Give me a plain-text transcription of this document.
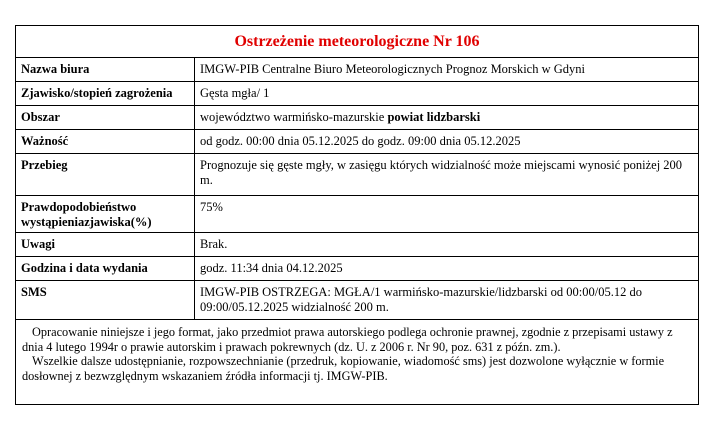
Ostrzeżenie meteorologiczne Nr 106
Nazwa biura	IMGW-PIB Centralne Biuro Meteorologicznych Prognoz Morskich w Gdyni
Zjawisko/stopień zagrożenia	Gęsta mgła/ 1
Obszar	województwo warmińsko-mazurskie powiat lidzbarski
Ważność	od godz. 00:00 dnia 05.12.2025 do godz. 09:00 dnia 05.12.2025
Przebieg	Prognozuje się gęste mgły, w zasięgu których widzialność może miejscami wynosić poniżej 200 m.
Prawdopodobieństwo wystąpieniazjawiska(%)	75%
Uwagi	Brak.
Godzina i data wydania	godz. 11:34 dnia 04.12.2025
SMS	IMGW-PIB OSTRZEGA: MGŁA/1 warmińsko-mazurskie/lidzbarski od 00:00/05.12 do 09:00/05.12.2025 widzialność 200 m.

Opracowanie niniejsze i jego format, jako przedmiot prawa autorskiego podlega ochronie prawnej, zgodnie z przepisami ustawy z dnia 4 lutego 1994r o prawie autorskim i prawach pokrewnych (dz. U. z 2006 r. Nr 90, poz. 631 z późn. zm.).

Wszelkie dalsze udostępnianie, rozpowszechnianie (przedruk, kopiowanie, wiadomość sms) jest dozwolone wyłącznie w formie dosłownej z bezwzględnym wskazaniem źródła informacji tj. IMGW-PIB.
